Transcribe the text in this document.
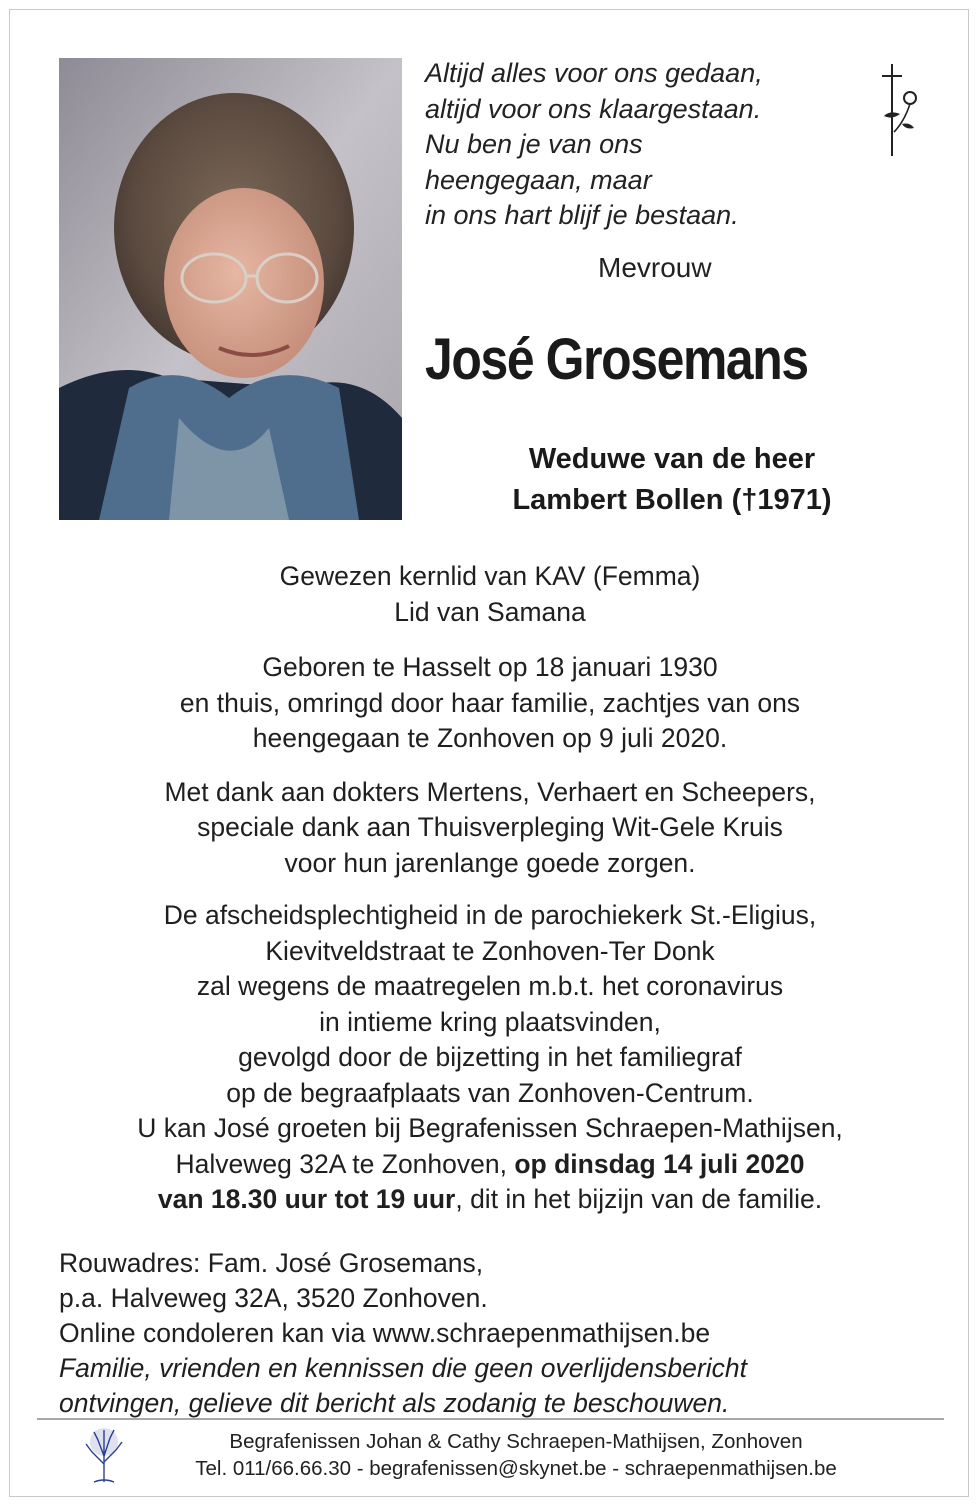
Altijd alles voor ons gedaan,
altijd voor ons klaargestaan.
Nu ben je van ons
heengegaan, maar
in ons hart blijf je bestaan.
Mevrouw
José Grosemans
Weduwe van de heer
Lambert Bollen (†1971)

Gewezen kernlid van KAV (Femma)

Lid van Samana

Geboren te Hasselt op 18 januari 1930

en thuis, omringd door haar familie, zachtjes van ons

heengegaan te Zonhoven op 9 juli 2020.

Met dank aan dokters Mertens, Verhaert en Scheepers,

speciale dank aan Thuisverpleging Wit-Gele Kruis

voor hun jarenlange goede zorgen.

De afscheidsplechtigheid in de parochiekerk St.-Eligius,

Kievitveldstraat te Zonhoven-Ter Donk

zal wegens de maatregelen m.b.t. het coronavirus

in intieme kring plaatsvinden,

gevolgd door de bijzetting in het familiegraf

op de begraafplaats van Zonhoven-Centrum.

U kan José groeten bij Begrafenissen Schraepen-Mathijsen,

Halveweg 32A te Zonhoven, op dinsdag 14 juli 2020

van 18.30 uur tot 19 uur, dit in het bijzijn van de familie.

Rouwadres: Fam. José Grosemans,
p.a. Halveweg 32A, 3520 Zonhoven.
Online condoleren kan via www.schraepenmathijsen.be
Familie, vrienden en kennissen die geen overlijdensbericht
ontvingen, gelieve dit bericht als zodanig te beschouwen.
Begrafenissen Johan & Cathy Schraepen-Mathijsen, Zonhoven
Tel. 011/66.66.30 - begrafenissen@skynet.be - schraepenmathijsen.be
